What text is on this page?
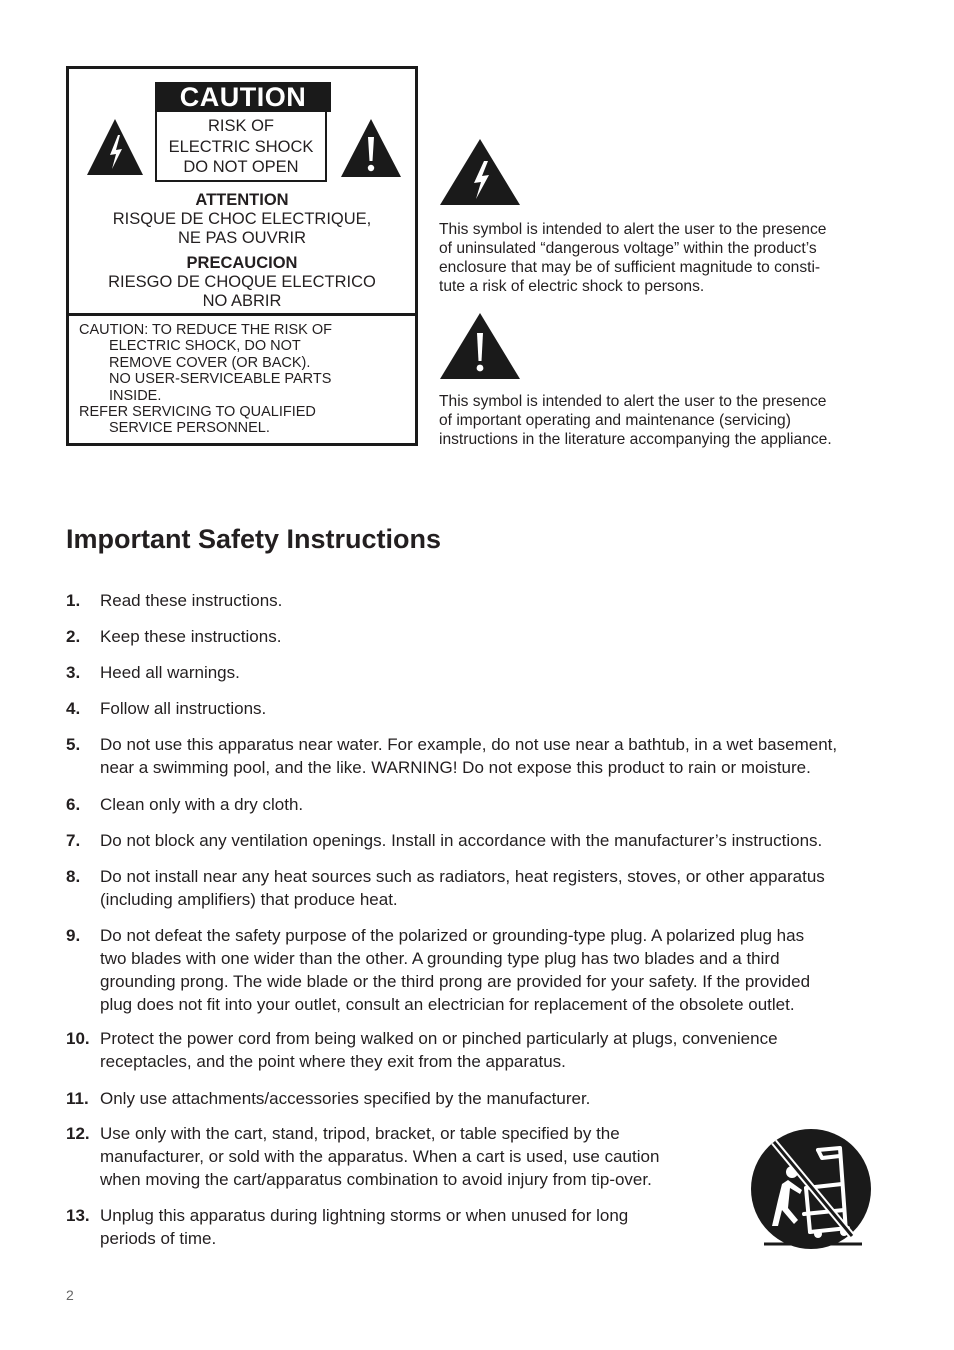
CAUTION
RISK OF
ELECTRIC SHOCK
DO NOT OPEN
ATTENTION
RISQUE DE CHOC ELECTRIQUE,
NE PAS OUVRIR
PRECAUCION
RIESGO DE CHOQUE ELECTRICO
NO ABRIR
CAUTION: TO REDUCE THE RISK OF
ELECTRIC SHOCK, DO NOT
REMOVE COVER (OR BACK).
NO USER-SERVICEABLE PARTS
INSIDE.
REFER SERVICING TO QUALIFIED
SERVICE PERSONNEL.
This symbol is intended to alert the user to the presence
of uninsulated “dangerous voltage” within the product’s
enclosure that may be of sufficient magnitude to consti-
tute a risk of electric shock to persons.
This symbol is intended to alert the user to the presence
of important operating and maintenance (servicing)
instructions in the literature accompanying the appliance.
Important Safety Instructions
1. Read these instructions.
2. Keep these instructions.
3. Heed all warnings.
4. Follow all instructions.
5. Do not use this apparatus near water. For example, do not use near a bathtub, in a wet basement,
near a swimming pool, and the like. WARNING! Do not expose this product to rain or moisture.
6. Clean only with a dry cloth.
7. Do not block any ventilation openings. Install in accordance with the manufacturer’s instructions.
8. Do not install near any heat sources such as radiators, heat registers, stoves, or other apparatus
(including amplifiers) that produce heat.
9. Do not defeat the safety purpose of the polarized or grounding-type plug. A polarized plug has
two blades with one wider than the other. A grounding type plug has two blades and a third
grounding prong. The wide blade or the third prong are provided for your safety. If the provided
plug does not fit into your outlet, consult an electrician for replacement of the obsolete outlet.
10. Protect the power cord from being walked on or pinched particularly at plugs, convenience
receptacles, and the point where they exit from the apparatus.
11. Only use attachments/accessories specified by the manufacturer.
12. Use only with the cart, stand, tripod, bracket, or table specified by the
manufacturer, or sold with the apparatus. When a cart is used, use caution
when moving the cart/apparatus combination to avoid injury from tip-over.
13. Unplug this apparatus during lightning storms or when unused for long
periods of time.
2
